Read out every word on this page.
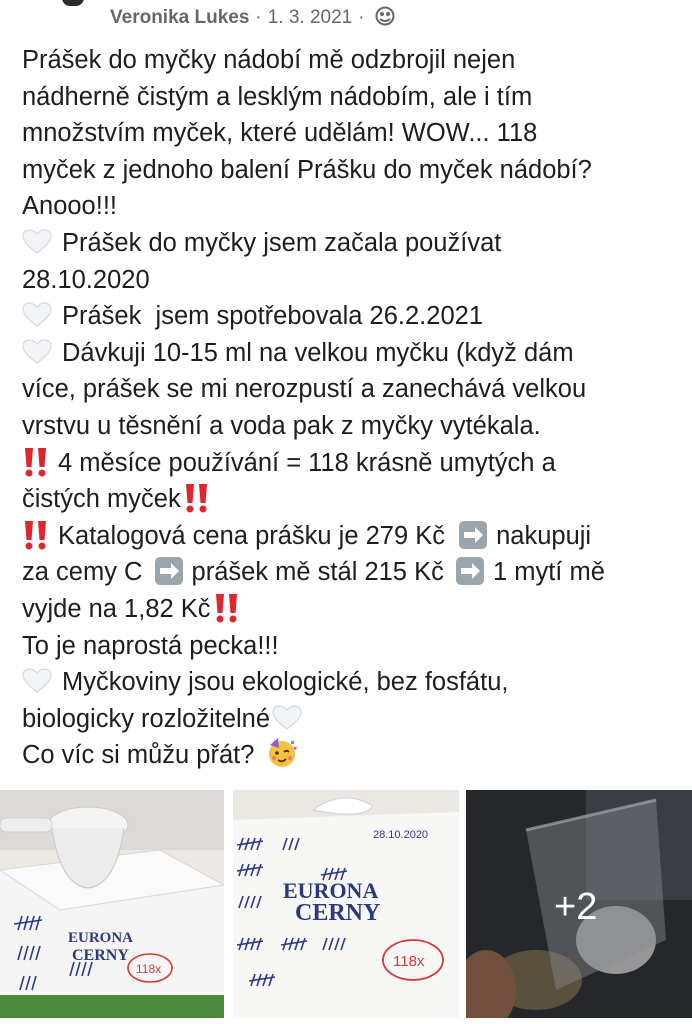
Veronika Lukes · 1. 3. 2021 ·
Prášek do myčky nádobí mě odzbrojil nejen
nádherně čistým a lesklým nádobím, ale i tím
množstvím myček, které udělám! WOW... 118
myček z jednoho balení Prášku do myček nádobí?
Anooo!!!
Prášek do myčky jsem začala používat
28.10.2020
Prášek  jsem spotřebovala 26.2.2021
Dávkuji 10-15 ml na velkou myčku (když dám
více, prášek se mi nerozpustí a zanechává velkou
vrstvu u těsnění a voda pak z myčky vytékala.
4 měsíce používání = 118 krásně umytých a
čistých myček
Katalogová cena prášku je 279 Kč nakupuji
za cemy C prášek mě stál 215 Kč 1 mytí mě
vyjde na 1,82 Kč
To je naprostá pecka!!!
Myčkoviny jsou ekologické, bez fosfátu,
biologicky rozložitelné
Co víc si můžu přát?
EURONA
CERNY
118x
28.10.2020
EURONA
CERNY
118x
+2
